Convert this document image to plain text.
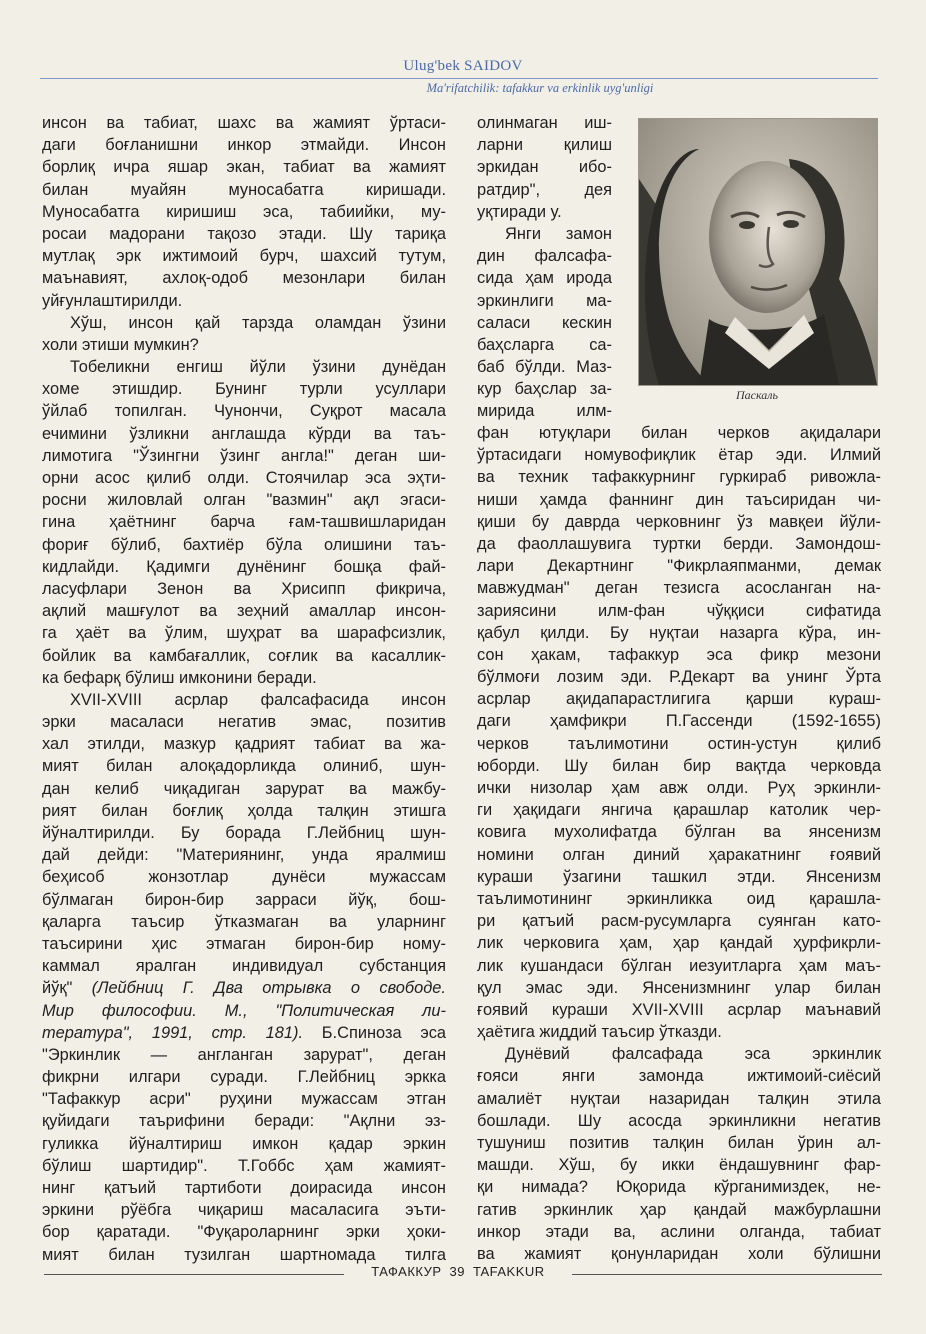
Ulug'bek SAIDOV
Ma'rifatchilik: tafakkur va erkinlik uyg'unligi
инсон ва табиат, шахс ва жамият ўртаси-
даги боғланишни инкор этмайди. Инсон
борлиқ ичра яшар экан, табиат ва жамият
билан муайян муносабатга киришади.
Муносабатга киришиш эса, табиийки, му-
росаи мадорани тақозо этади. Шу тариқа
мутлақ эрк ижтимоий бурч, шахсий тутум,
маънавият, ахлоқ-одоб мезонлари билан
уйғунлаштирилди.
Хўш, инсон қай тарзда оламдан ўзини
холи этиши мумкин?
Тобеликни енгиш йўли ўзини дунёдан
хоме этишдир. Бунинг турли усуллари
ўйлаб топилган. Чунончи, Суқрот масала
ечимини ўзликни англашда кўрди ва таъ-
лимотига "Ўзингни ўзинг англа!" деган ши-
орни асос қилиб олди. Стоячилар эса эҳти-
росни жиловлай олган "вазмин" ақл эгаси-
гина ҳаётнинг барча ғам-ташвишларидан
фориғ бўлиб, бахтиёр бўла олишини таъ-
кидлайди. Қадимги дунёнинг бошқа фай-
ласуфлари Зенон ва Хрисипп фикрича,
ақлий машғулот ва зеҳний амаллар инсон-
га ҳаёт ва ўлим, шуҳрат ва шарафсизлик,
бойлик ва камбағаллик, соғлик ва касаллик-
ка бефарқ бўлиш имконини беради.
XVII-XVIII асрлар фалсафасида инсон
эрки масаласи негатив эмас, позитив
хал этилди, мазкур қадрият табиат ва жа-
мият билан алоқадорликда олиниб, шун-
дан келиб чиқадиган зарурат ва мажбу-
рият билан боғлиқ ҳолда талқин этишга
йўналтирилди. Бу борада Г.Лейбниц шун-
дай дейди: "Материянинг, унда яралмиш
беҳисоб жонзотлар дунёси мужассам
бўлмаган бирон-бир зарраси йўқ, бош-
қаларга таъсир ўтказмаган ва уларнинг
таъсирини ҳис этмаган бирон-бир ному-
каммал яралган индивидуал субстанция
йўқ" (Лейбниц Г. Два отрывка о свободе.
Мир философии. М., "Политическая ли-
тература", 1991, стр. 181). Б.Спиноза эса
"Эркинлик — англанган зарурат", деган
фикрни илгари суради. Г.Лейбниц эркка
"Тафаккур асри" руҳини мужассам этган
қуйидаги таърифини беради: "Ақлни эз-
гуликка йўналтириш имкон қадар эркин
бўлиш шартидир". Т.Гоббс ҳам жамият-
нинг қатъий тартиботи доирасида инсон
эркини рўёбга чиқариш масаласига эъти-
бор қаратади. "Фуқароларнинг эрки ҳоки-
мият билан тузилган шартномада тилга
олинмаган иш-
ларни қилиш
эркидан ибо-
ратдир", дея
уқтиради у.
Янги замон
дин фалсафа-
сида ҳам ирода
эркинлиги ма-
саласи кескин
баҳсларга са-
баб бўлди. Маз-
кур баҳслар за-
мирида илм-
Паскаль
фан ютуқлари билан черков ақидалари
ўртасидаги номувофиқлик ётар эди. Илмий
ва техник тафаккурнинг гуркираб ривожла-
ниши ҳамда фаннинг дин таъсиридан чи-
қиши бу даврда черковнинг ўз мавқеи йўли-
да фаоллашувига туртки берди. Замондош-
лари Декартнинг "Фикрлаяпманми, демак
мавжудман" деган тезисга асосланган на-
зариясини илм-фан чўққиси сифатида
қабул қилди. Бу нуқтаи назарга кўра, ин-
сон ҳакам, тафаккур эса фикр мезони
бўлмоғи лозим эди. Р.Декарт ва унинг Ўрта
асрлар ақидапарастлигига қарши кураш-
даги ҳамфикри П.Гассенди (1592-1655)
черков таълимотини остин-устун қилиб
юборди. Шу билан бир вақтда черковда
ички низолар ҳам авж олди. Руҳ эркинли-
ги ҳақидаги янгича қарашлар католик чер-
ковига мухолифатда бўлган ва янсенизм
номини олган диний ҳаракатнинг ғоявий
кураши ўзагини ташкил этди. Янсенизм
таълимотининг эркинликка оид қарашла-
ри қатъий расм-русумларга суянган като-
лик черковига ҳам, ҳар қандай ҳурфикрли-
лик кушандаси бўлган иезуитларга ҳам маъ-
қул эмас эди. Янсенизмнинг улар билан
ғоявий кураши XVII-XVIII асрлар маънавий
ҳаётига жиддий таъсир ўтказди.
Дунёвий фалсафада эса эркинлик
ғояси янги замонда ижтимоий-сиёсий
амалиёт нуқтаи назаридан талқин этила
бошлади. Шу асосда эркинликни негатив
тушуниш позитив талқин билан ўрин ал-
машди. Хўш, бу икки ёндашувнинг фар-
қи нимада? Юқорида кўрганимиздек, не-
гатив эркинлик ҳар қандай мажбурлашни
инкор этади ва, аслини олганда, табиат
ва жамият қонунларидан холи бўлишни
ТАФАККУР 39 TAFAKKUR
